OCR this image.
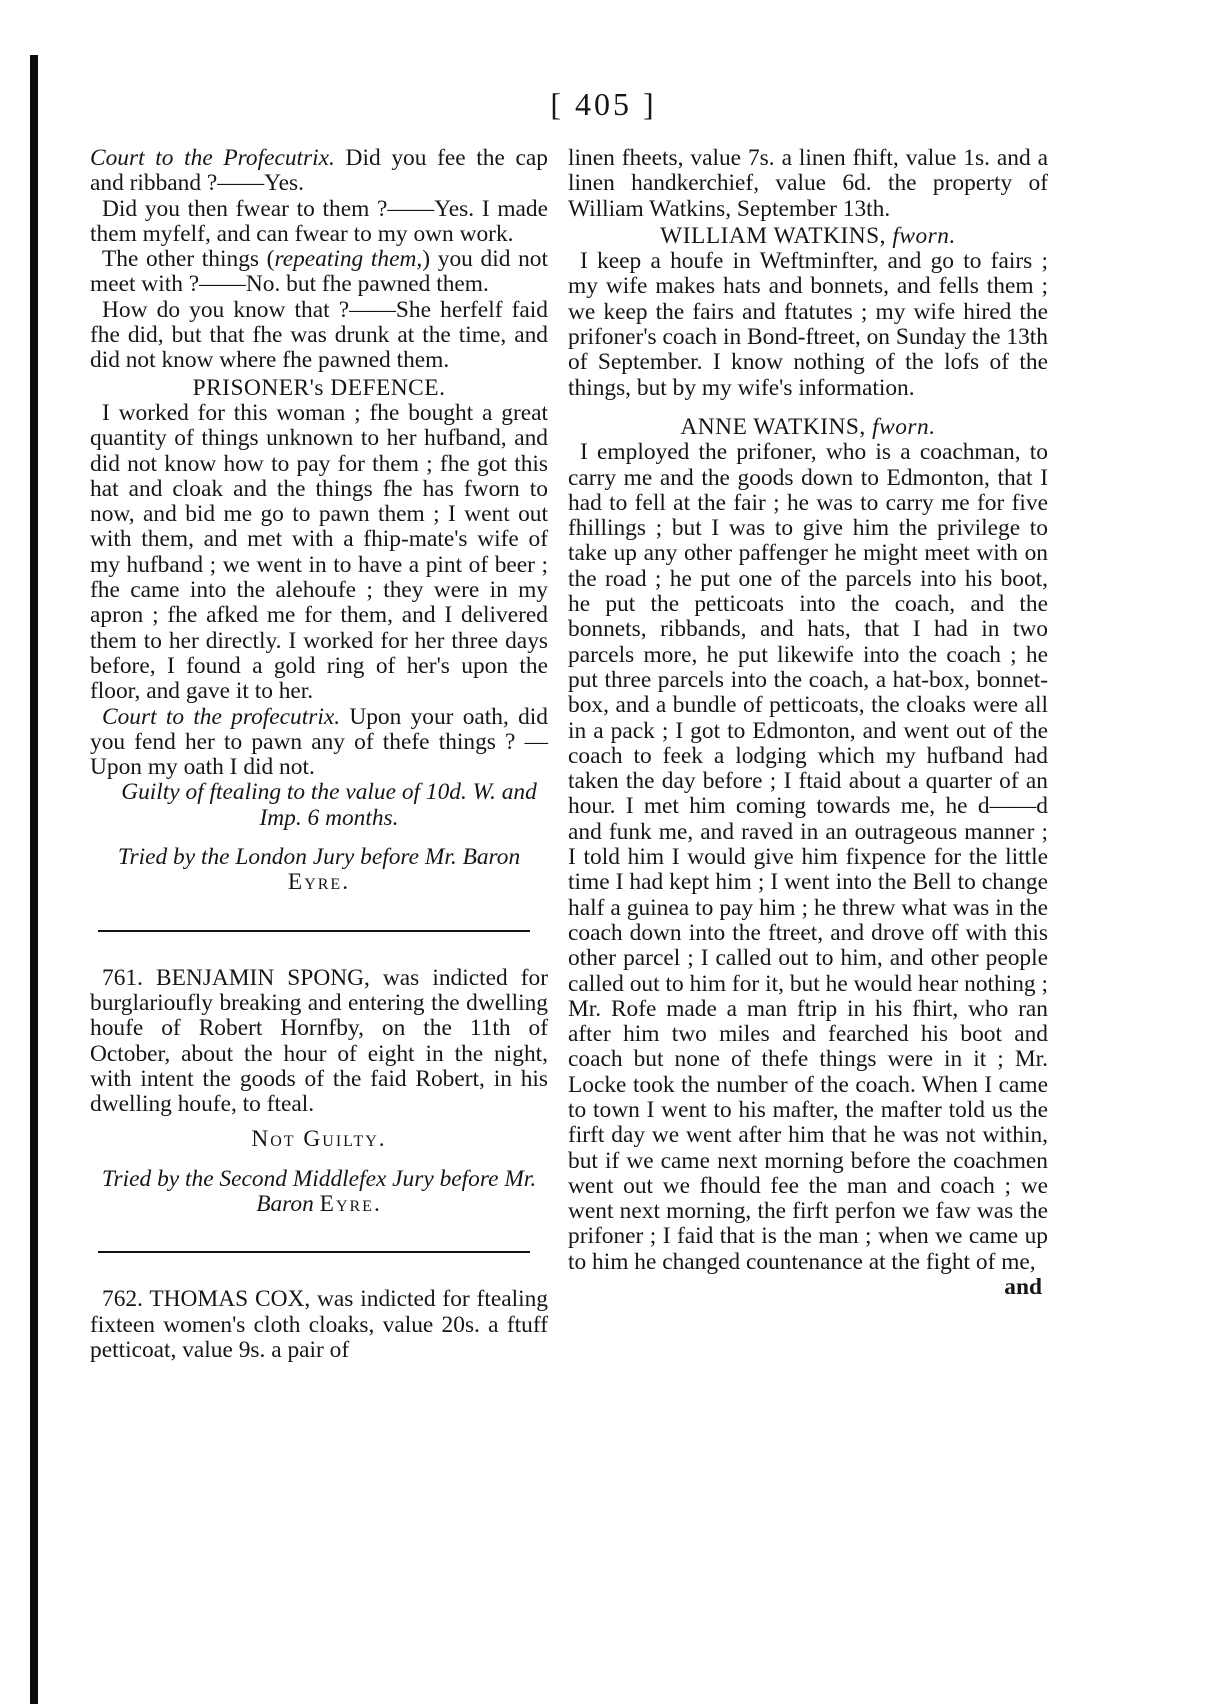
[ 405 ]

Court to the Profecutrix. Did you fee the cap and ribband ?——Yes.

Did you then fwear to them ?——Yes. I made them myfelf, and can fwear to my own work.

The other things (repeating them,) you did not meet with ?——No. but fhe pawned them.

How do you know that ?——She herfelf faid fhe did, but that fhe was drunk at the time, and did not know where fhe pawned them.

PRISONER's DEFENCE.

I worked for this woman ; fhe bought a great quantity of things unknown to her hufband, and did not know how to pay for them ; fhe got this hat and cloak and the things fhe has fworn to now, and bid me go to pawn them ; I went out with them, and met with a fhip-mate's wife of my hufband ; we went in to have a pint of beer ; fhe came into the alehoufe ; they were in my apron ; fhe afked me for them, and I delivered them to her directly. I worked for her three days before, I found a gold ring of her's upon the floor, and gave it to her.

Court to the profecutrix. Upon your oath, did you fend her to pawn any of thefe things ? —Upon my oath I did not.

Guilty of ftealing to the value of 10d. W. and Imp. 6 months.

Tried by the London Jury before Mr. Baron
Eyre.

761. BENJAMIN SPONG, was indicted for burglarioufly breaking and entering the dwelling houfe of Robert Hornfby, on the 11th of October, about the hour of eight in the night, with intent the goods of the faid Robert, in his dwelling houfe, to fteal.

Not Guilty.

Tried by the Second Middlefex Jury before Mr. Baron Eyre.

762. THOMAS COX, was indicted for ftealing fixteen women's cloth cloaks, value 20s. a ftuff petticoat, value 9s. a pair of

linen fheets, value 7s. a linen fhift, value 1s. and a linen handkerchief, value 6d. the property of William Watkins, September 13th.

WILLIAM WATKINS, fworn.

I keep a houfe in Weftminfter, and go to fairs ; my wife makes hats and bonnets, and fells them ; we keep the fairs and ftatutes ; my wife hired the prifoner's coach in Bond-ftreet, on Sunday the 13th of September. I know nothing of the lofs of the things, but by my wife's information.

ANNE WATKINS, fworn.

I employed the prifoner, who is a coachman, to carry me and the goods down to Edmonton, that I had to fell at the fair ; he was to carry me for five fhillings ; but I was to give him the privilege to take up any other paffenger he might meet with on the road ; he put one of the parcels into his boot, he put the petticoats into the coach, and the bonnets, ribbands, and hats, that I had in two parcels more, he put likewife into the coach ; he put three parcels into the coach, a hat-box, bonnet-box, and a bundle of petticoats, the cloaks were all in a pack ; I got to Edmonton, and went out of the coach to feek a lodging which my hufband had taken the day before ; I ftaid about a quarter of an hour. I met him coming towards me, he d——d and funk me, and raved in an outrageous manner ; I told him I would give him fixpence for the little time I had kept him ; I went into the Bell to change half a guinea to pay him ; he threw what was in the coach down into the ftreet, and drove off with this other parcel ; I called out to him, and other people called out to him for it, but he would hear nothing ; Mr. Rofe made a man ftrip in his fhirt, who ran after him two miles and fearched his boot and coach but none of thefe things were in it ; Mr. Locke took the number of the coach. When I came to town I went to his mafter, the mafter told us the firft day we went after him that he was not within, but if we came next morning before the coachmen went out we fhould fee the man and coach ; we went next morning, the firft perfon we faw was the prifoner ; I faid that is the man ; when we came up to him he changed countenance at the fight of me,

and
